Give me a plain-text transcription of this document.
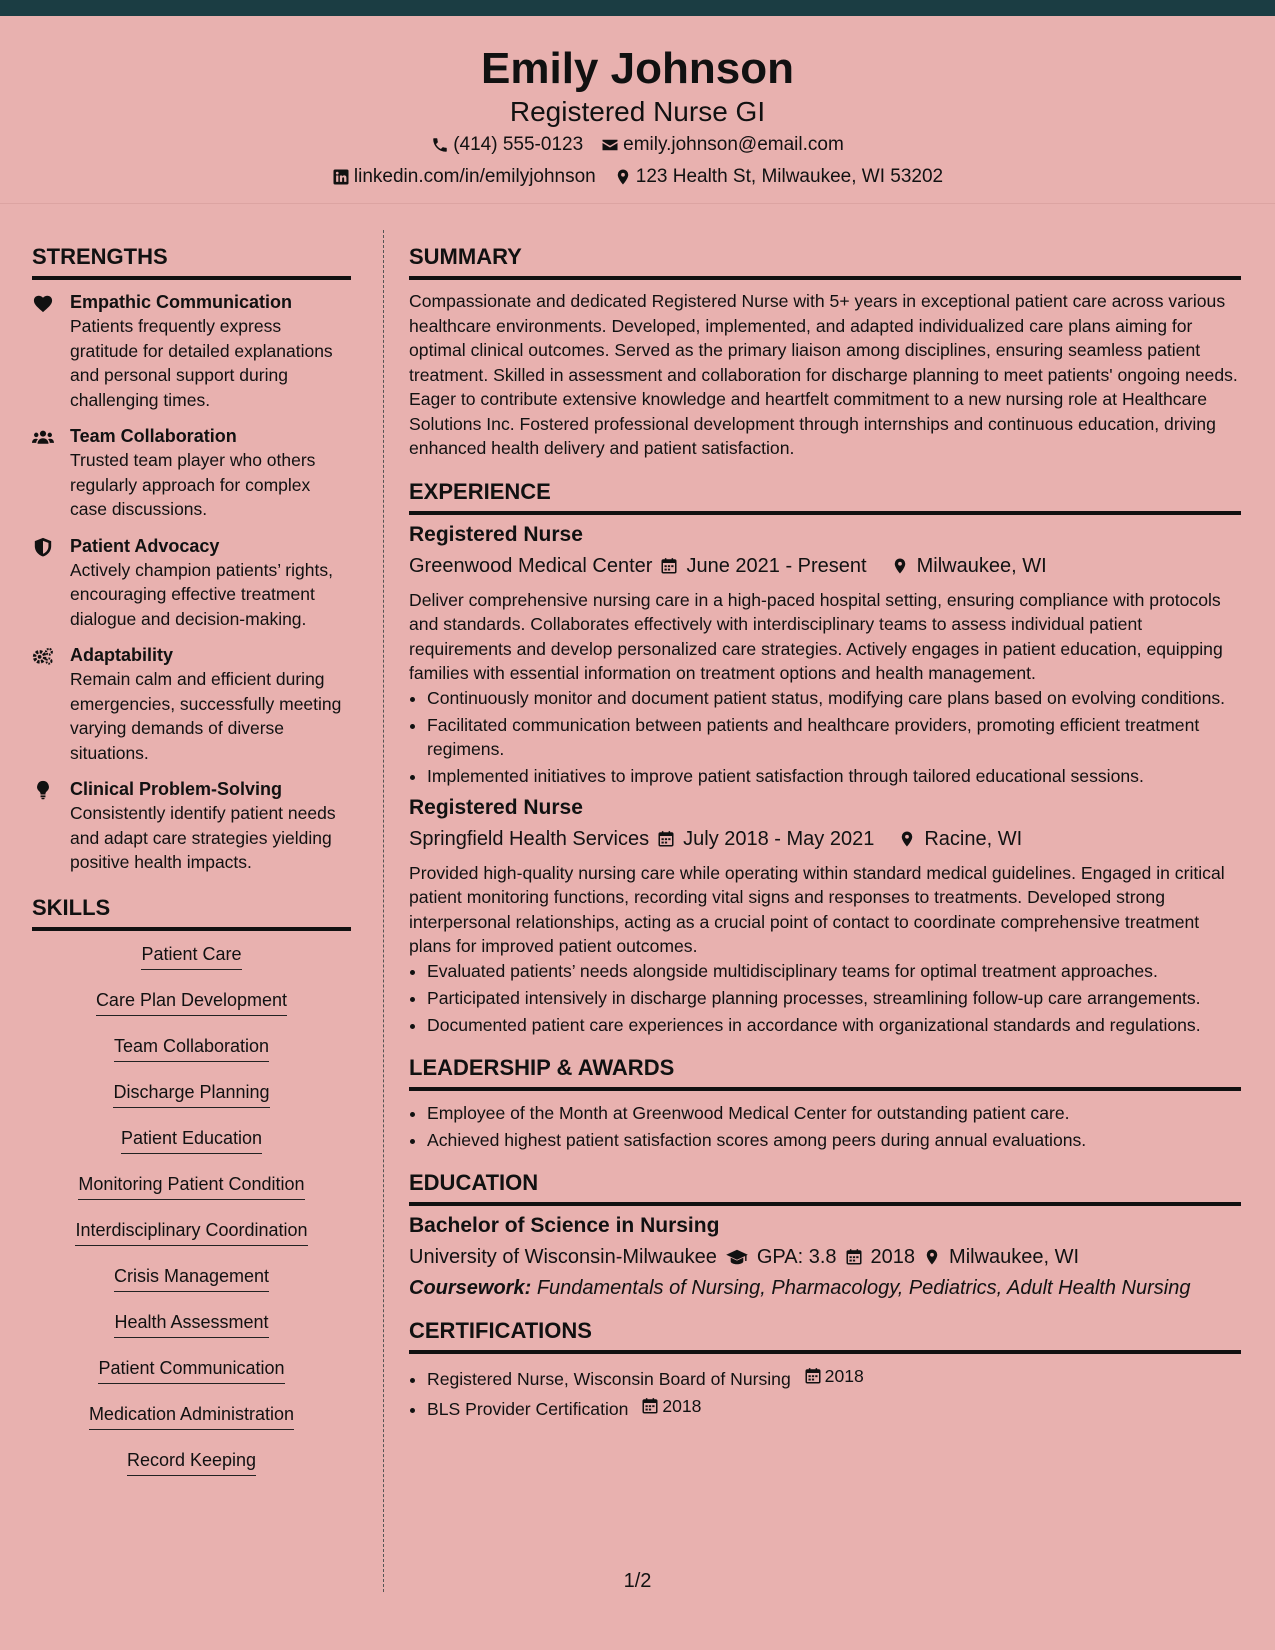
Emily Johnson
Registered Nurse GI
(414) 555-0123 emily.johnson@email.com
linkedin.com/in/emilyjohnson 123 Health St, Milwaukee, WI 53202
STRENGTHS
Empathic Communication
Patients frequently express gratitude for detailed explanations and personal support during challenging times.
Team Collaboration
Trusted team player who others regularly approach for complex case discussions.
Patient Advocacy
Actively champion patients’ rights, encouraging effective treatment dialogue and decision-making.
Adaptability
Remain calm and efficient during emergencies, successfully meeting varying demands of diverse situations.
Clinical Problem-Solving
Consistently identify patient needs and adapt care strategies yielding positive health impacts.
SKILLS
Patient Care
Care Plan Development
Team Collaboration
Discharge Planning
Patient Education
Monitoring Patient Condition
Interdisciplinary Coordination
Crisis Management
Health Assessment
Patient Communication
Medication Administration
Record Keeping
SUMMARY
Compassionate and dedicated Registered Nurse with 5+ years in exceptional patient care across various healthcare environments. Developed, implemented, and adapted individualized care plans aiming for optimal clinical outcomes. Served as the primary liaison among disciplines, ensuring seamless patient treatment. Skilled in assessment and collaboration for discharge planning to meet patients' ongoing needs. Eager to contribute extensive knowledge and heartfelt commitment to a new nursing role at Healthcare Solutions Inc. Fostered professional development through internships and continuous education, driving enhanced health delivery and patient satisfaction.
EXPERIENCE
Registered Nurse
Greenwood Medical Center June 2021 - Present	Milwaukee, WI
Deliver comprehensive nursing care in a high-paced hospital setting, ensuring compliance with protocols and standards. Collaborates effectively with interdisciplinary teams to assess individual patient requirements and develop personalized care strategies. Actively engages in patient education, equipping families with essential information on treatment options and health management.
• Continuously monitor and document patient status, modifying care plans based on evolving conditions.
• Facilitated communication between patients and healthcare providers, promoting efficient treatment regimens.
• Implemented initiatives to improve patient satisfaction through tailored educational sessions.
Registered Nurse
Springfield Health Services July 2018 - May 2021	Racine, WI
Provided high-quality nursing care while operating within standard medical guidelines. Engaged in critical patient monitoring functions, recording vital signs and responses to treatments. Developed strong interpersonal relationships, acting as a crucial point of contact to coordinate comprehensive treatment plans for improved patient outcomes.
• Evaluated patients’ needs alongside multidisciplinary teams for optimal treatment approaches.
• Participated intensively in discharge planning processes, streamlining follow-up care arrangements.
• Documented patient care experiences in accordance with organizational standards and regulations.
LEADERSHIP & AWARDS
• Employee of the Month at Greenwood Medical Center for outstanding patient care.
• Achieved highest patient satisfaction scores among peers during annual evaluations.
EDUCATION
Bachelor of Science in Nursing
University of Wisconsin-Milwaukee GPA: 3.8 2018 Milwaukee, WI
Coursework: Fundamentals of Nursing, Pharmacology, Pediatrics, Adult Health Nursing
CERTIFICATIONS
• Registered Nurse, Wisconsin Board of Nursing 2018
• BLS Provider Certification 2018
1/2
